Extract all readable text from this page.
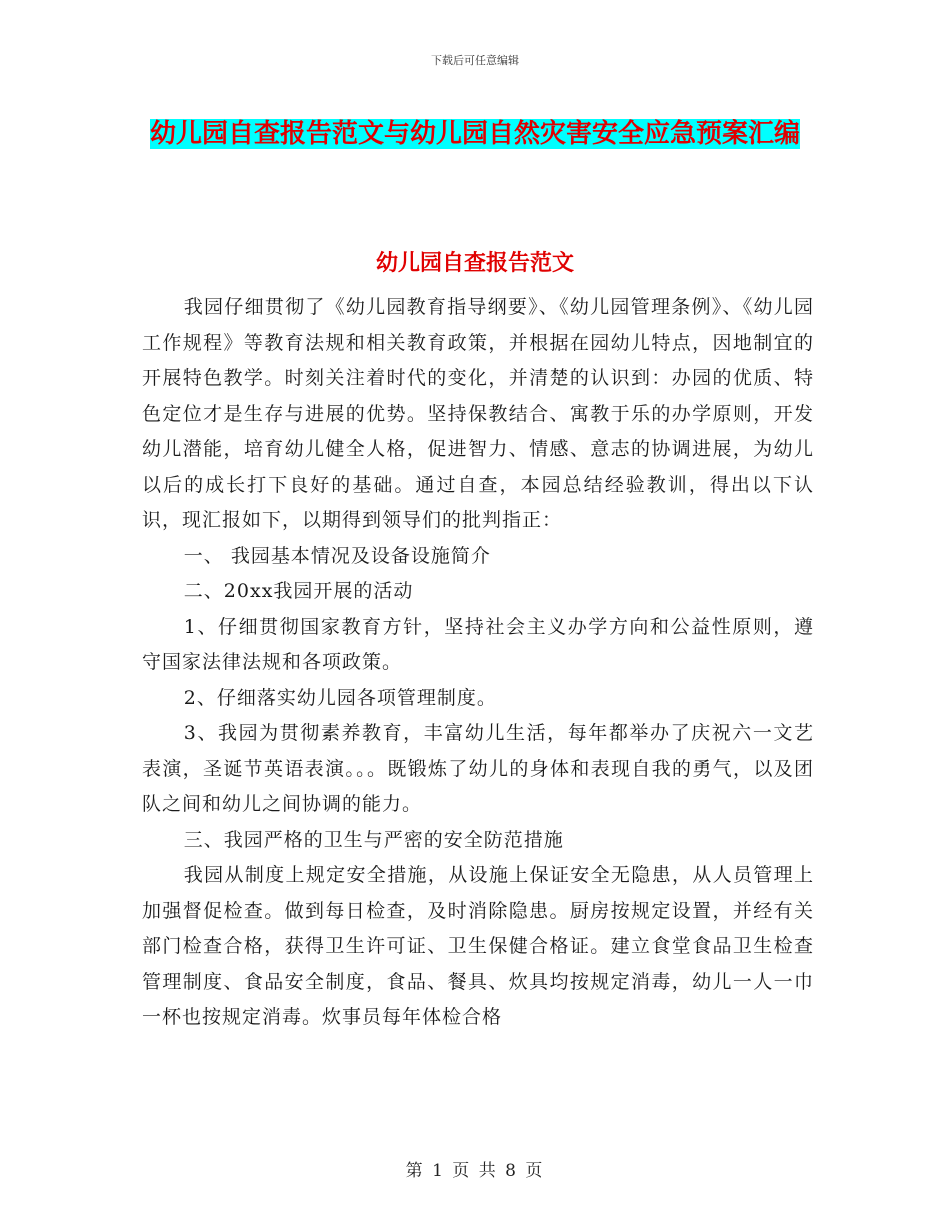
下载后可任意编辑
幼儿园自查报告范文与幼儿园自然灾害安全应急预案汇编
幼儿园自查报告范文

我园仔细贯彻了《幼儿园教育指导纲要》、《幼儿园管理条例》、《幼儿园工作规程》等教育法规和相关教育政策，并根据在园幼儿特点，因地制宜的开展特色教学。时刻关注着时代的变化，并清楚的认识到：办园的优质、特色定位才是生存与进展的优势。坚持保教结合、寓教于乐的办学原则，开发幼儿潜能，培育幼儿健全人格，促进智力、情感、意志的协调进展，为幼儿以后的成长打下良好的基础。通过自查，本园总结经验教训，得出以下认识，现汇报如下，以期得到领导们的批判指正：

一、 我园基本情况及设备设施简介

二、20xx我园开展的活动

1、仔细贯彻国家教育方针，坚持社会主义办学方向和公益性原则，遵守国家法律法规和各项政策。

2、仔细落实幼儿园各项管理制度。

3、我园为贯彻素养教育，丰富幼儿生活，每年都举办了庆祝六一文艺表演，圣诞节英语表演。。。既锻炼了幼儿的身体和表现自我的勇气，以及团队之间和幼儿之间协调的能力。

三、我园严格的卫生与严密的安全防范措施

我园从制度上规定安全措施，从设施上保证安全无隐患，从人员管理上加强督促检查。做到每日检查，及时消除隐患。厨房按规定设置，并经有关部门检查合格，获得卫生许可证、卫生保健合格证。建立食堂食品卫生检查管理制度、食品安全制度，食品、餐具、炊具均按规定消毒，幼儿一人一巾一杯也按规定消毒。炊事员每年体检合格

第 1 页 共 8 页
